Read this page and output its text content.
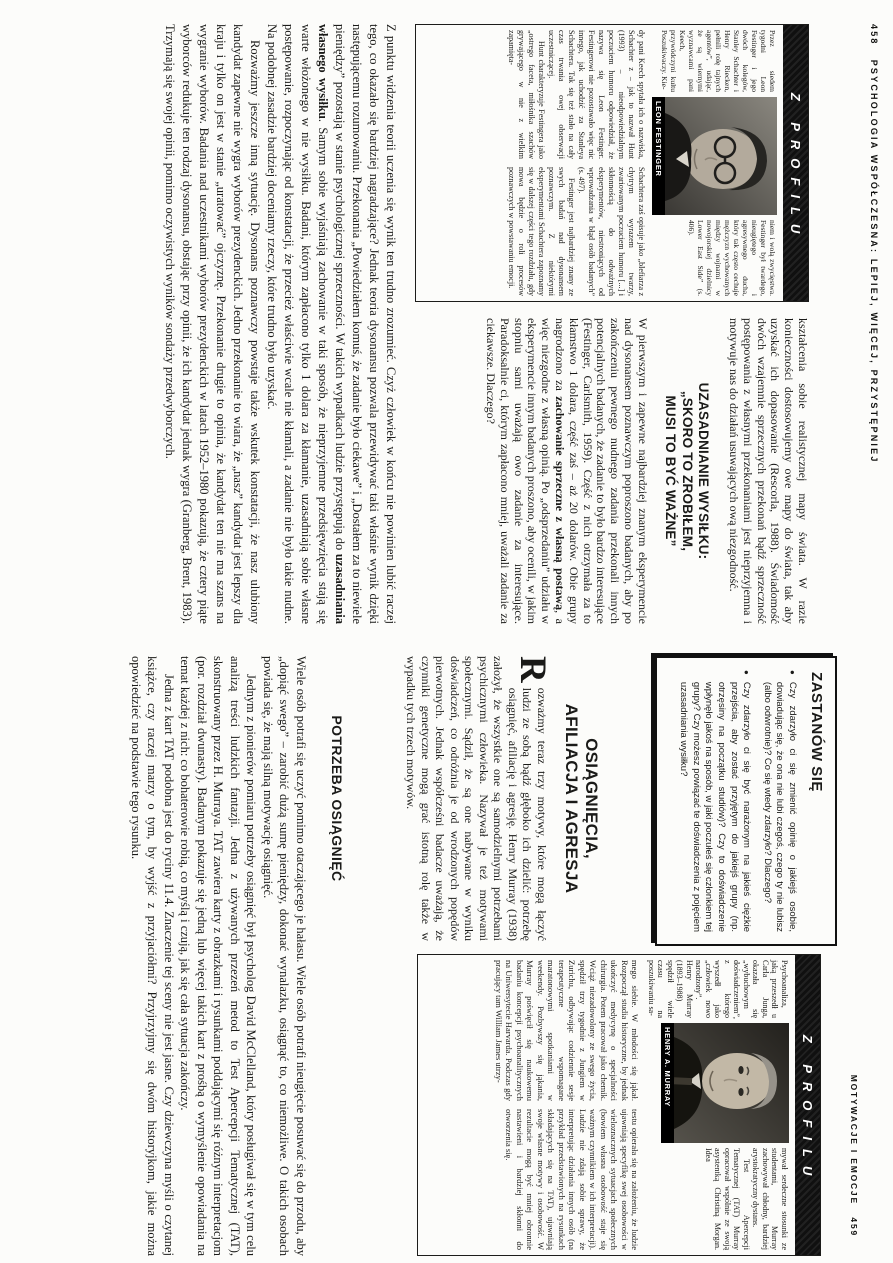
458   PSYCHOLOGIA WSPÓŁCZESNA: LEPIEJ, WIĘCEJ, PRZYSTĘPNIEJ
Z PROFILU
Przez siedem tygodni Leon Festinger i jego dwóch kolegów, Stanley Schachter i Henry Riecken, pełnili rolę tajnych agentów”, udając, że są wiernymi wyznawcami pani Keech, przywódczyni kultu Poszukiwaczy. Kie-
LEON FESTINGER
niem i wolą zwycięstwa. Festinger był twardego, nieugiętego i agresywnego ducha, który tak często cechuje mężczyzn wychowanych między wojnami w nowojorskiej dzielnicy Lower East Side” (s. 406).
dy pani Keech spytała ich o nazwiska, Schachter z – jak to nazwał Hunt (1993) – nieodpowiedzialnym poczuciem humoru odpowiedział, że nazywa się Leon Festinger. Festingerowi nie pozostawało więc nic innego, jak uchodzić za Stanleya Schachtera. Tak się też stało na cały czas trwania owej obserwacji uczestniczącej.
Hunt charakteryzuje Festingera jako „ostrego faceta, miłośnika szachów grywającego w nie z wielkim zapamięta-
Schachtera zaś opisuje jako „blefiarza z chytrym wyrazem twarzy, zwariowanym poczuciem humoru [...] i skłonnością do odważnych eksperymentów, niestroniących od wprowadzania w błąd osób badanych” (s. 497).
Festinger jest najbardziej znany ze swych badań nad dysonansem poznawczym. Z niektórymi eksperymentami Schachtera zapoznamy się w dalszej części tego rozdziału, gdy mowa będzie o roli procesów poznawczych w powstawaniu emocji.
kształcenia sobie realistycznej mapy świata. W razie konieczności dostosowujemy owe mapy do świata, tak aby uzyskać ich dopasowanie (Rescorla, 1988). Świadomość dwóch wzajemnie sprzecznych przekonań bądź sprzeczność postępowania z własnymi przekonaniami jest nieprzyjemna i motywuje nas do działań usuwających ową niezgodność.
UZASADNIANIE WYSIŁKU:
„SKORO TO ZROBIŁEM,
MUSI TO BYĆ WAŻNE”
W pierwszym i zapewne najbardziej znanym eksperymencie nad dysonansem poznawczym poproszono badanych, aby po zakończeniu pewnego nudnego zadania przekonali innych potencjalnych badanych, że zadanie to było bardzo interesujące (Festinger, Carlsmith, 1959). Część z nich otrzymała za to kłamstwo 1 dolara, część zaś – aż 20 dolarów. Obie grupy nagrodzono za zachowanie sprzeczne z własną postawą, a więc niezgodne z własną opinią. Po „odsprzedaniu” udziału w eksperymencie innym badanych proszono, aby ocenili, w jakim stopniu sami uważają owo zadanie za interesujące. Paradoksalnie ci, którym zapłacono mniej, uważali zadanie za ciekawsze. Dlaczego?
Z punktu widzenia teorii uczenia się wynik ten trudno zrozumieć. Czyż człowiek w końcu nie powinien lubić raczej tego, co okazało się bardziej nagradzające? Jednak teoria dysonansu pozwala przewidywać taki właśnie wynik dzięki następującemu rozumowaniu. Przekonania „Powiedziałem komuś, że zadanie było ciekawe” i „Dostałem za to niewiele pieniędzy” pozostają w stanie psychologicznej sprzeczności. W takich wypadkach ludzie przystępują do uzasadniania własnego wysiłku. Samym sobie wyjaśniają zachowanie w taki sposób, że nieprzyjemne przedsięwzięcia stają się warte włożonego w nie wysiłku. Badani, którym zapłacono tylko 1 dolara za kłamanie, uzasadniają sobie własne postępowanie, rozpoczynając od konstatacji, że przecież właściwie wcale nie kłamali, a zadanie nie było takie nudne. Na podobnej zasadzie bardziej doceniamy rzeczy, które trudno było uzyskać.
Rozważmy jeszcze inną sytuację. Dysonans poznawczy powstaje także wskutek konstatacji, że nasz ulubiony kandydat zapewne nie wygra wyborów prezydenckich. Jedno przekonanie to wiara, że „nasz” kandydat jest lepszy dla kraju i tylko on jest w stanie „uratować” ojczyznę. Przekonanie drugie to opinia, że kandydat ten nie ma szans na wygranie wyborów. Badania nad uczestnikami wyborów prezydenckich w latach 1952–1980 pokazują, że cztery piąte wyborców redukuje ten rodzaj dysonansu, obstając przy opinii, że ich kandydat jednak wygra (Granberg, Brent, 1983). Trzymają się swojej opinii, pomimo oczywistych wyników sondaży przedwyborczych.
MOTYWACJE I EMOCJE   459
ZASTANÓW SIĘ
●
Czy zdarzyło ci się zmienić opinię o jakiejś osobie, dowiadując się, że ona nie lubi czegoś, czego ty nie lubisz (albo odwrotnie)? Co się wtedy zdarzyło? Dlaczego?
●
Czy zdarzyło ci się być narażonym na jakieś ciężkie przejścia, aby zostać przyjętym do jakiejś grupy (np. otrzęsiny na początku studiów)? Czy to doświadczenie wpłynęło jakoś na sposób, w jaki poczułeś się członkiem tej grupy? Czy możesz powiązać te doświadczenia z pojęciem uzasadniania wysiłku?
OSIĄGNIĘCIA,
AFILIACJA I AGRESJA
R
ozważmy teraz trzy motywy, które mogą łączyć ludzi ze sobą bądź głęboko ich dzielić: potrzebę osiągnięć, afiliację i agresję. Henry Murray (1938) założył, że wszystkie one są samodzielnymi potrzebami psychicznymi człowieka. Nazywał je też motywami społecznymi. Sądził, że są one nabywane w wyniku doświadczeń, co odróżnia je od wrodzonych popędów pierwotnych. Jednak współcześni badacze uważają, że czynniki genetyczne mogą grać istotną rolę także w wypadku tych trzech motywów.
POTRZEBA OSIĄGNIĘĆ
Z PROFILU
Psychoanaliza, jaką przeszedł u Carla Junga, okazała się „wybuchowym doświadczeniem”, z którego wyszedł jako „człowiek nowo narodzony”. Henry Murray (1893–1988) spędził wiele czasu na poszukiwaniu sa-
HENRY A. MURRAY
mywał serdeczne stosunki ze studentami, Murray zachowywał chłodny, bardziej arystokratyczny dystans.
Test Apercepcji Tematycznej (TAT) Murray opracował wspólnie ze swoją asystentką Christiną Morgan. Idea
mego siebie. W młodości się jąkał. Rozpoczął studia historyczne, by jednak ukończyć medycynę o specjalności chirurgia. Potem pracował jako chemik. Wciąż niezadowolony ze swego życia, spędził trzy tygodnie z Jungiem w Zurichu, odbywając codziennie sesje terapeutyczne wspomagane maratonowymi spotkaniami w weekendy. Pozbywszy się jąkania, Murray poświęcił się naukowemu badaniu koncepcji psychoanalitycznych na Uniwersytecie Harvarda. Podczas gdy pracujący tam William James utrzy-
testu opierała się na założeniu, że ludzie ujawniają specyfikę swej osobowości w wieloznacznych sytuacjach społecznych (bowiem własna osobowość staje się ważnym czynnikiem w ich interpretacji). Ludzie nie zdają sobie sprawy, że interpretując działania innych osób (na przykład przedstawionych na rysunkach składających się na TAT), ujawniają swoje własne motywy i osobowość. W rezultacie mogą być mniej obronnie nastawieni i bardziej skłonni do otworzenia się.
Wiele osób potrafi się uczyć pomimo otaczającego je hałasu. Wiele osób potrafi nieugięcie posuwać się do przodu, aby „dopiąć swego” – zarobić dużą sumę pieniędzy, dokonać wynalazku, osiągnąć to, co niemożliwe. O takich osobach powiada się, że mają silną motywację osiągnięć.
Jednym z pionierów pomiaru potrzeby osiągnięć był psycholog David McClelland, który posługiwał się w tym celu analizą treści ludzkich fantazji. Jedna z używanych przezeń metod to Test Apercepcji Tematycznej (TAT), skonstruowany przez H. Murraya. TAT zawiera karty z obrazkami i rysunkami poddającymi się różnym interpretacjom (por. rozdział dwunasty). Badanym pokazuje się jedną lub więcej takich kart z prośbą o wymyślenie opowiadania na temat każdej z nich: co bohaterowie robią, co myślą i czują, jak się cała sytuacja zakończy.
Jedna z kart TAT podobna jest do ryciny 11.4. Znaczenie tej sceny nie jest jasne. Czy dziewczyna myśli o czytanej książce, czy raczej marzy o tym, by wyjść z przyjaciółmi? Przyjrzyjmy się dwóm historyjkom, jakie można opowiedzieć na podstawie tego rysunku.
